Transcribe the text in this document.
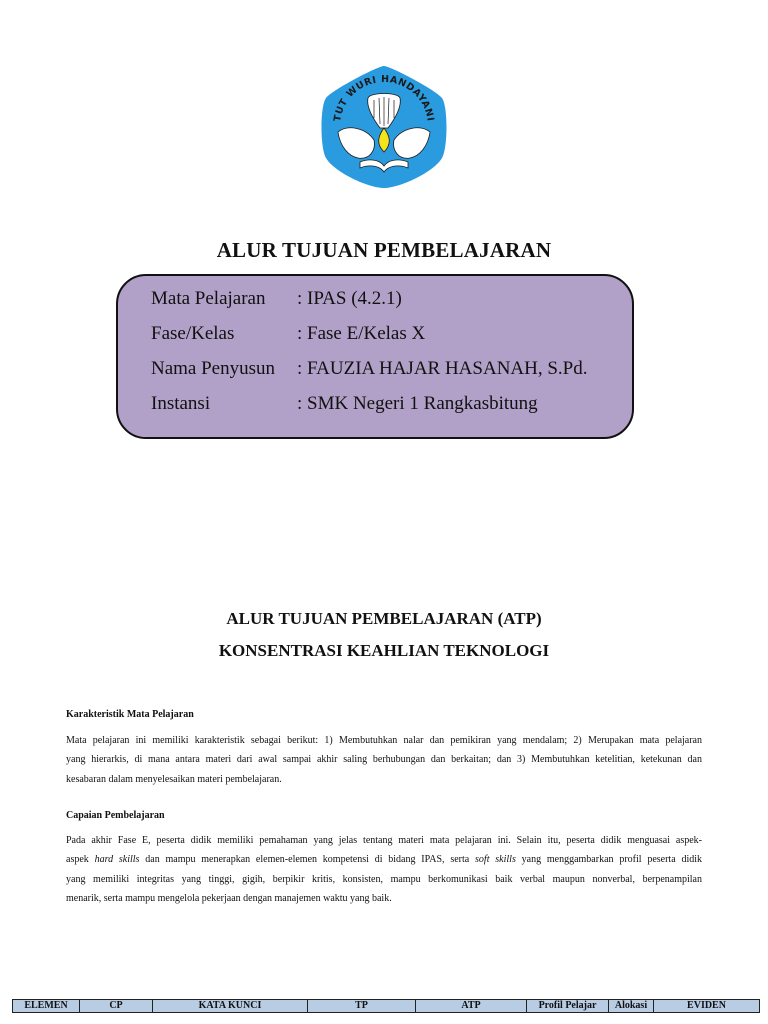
TUT WURI HANDAYANI
ALUR TUJUAN PEMBELAJARAN
Mata Pelajaran : IPAS (4.2.1)
Fase/Kelas	: Fase E/Kelas X
Nama Penyusun : FAUZIA HAJAR HASANAH, S.Pd.
Instansi	: SMK Negeri 1 Rangkasbitung
ALUR TUJUAN PEMBELAJARAN (ATP)
KONSENTRASI KEAHLIAN TEKNOLOGI
Karakteristik Mata Pelajaran
Mata pelajaran ini memiliki karakteristik sebagai berikut: 1) Membutuhkan nalar dan pemikiran yang mendalam; 2) Merupakan mata pelajaran
yang hierarkis, di mana antara materi dari awal sampai akhir saling berhubungan dan berkaitan; dan 3) Membutuhkan ketelitian, ketekunan dan
kesabaran dalam menyelesaikan materi pembelajaran.
Capaian Pembelajaran
Pada akhir Fase E, peserta didik memiliki pemahaman yang jelas tentang materi mata pelajaran ini. Selain itu, peserta didik menguasai aspek-
aspek hard skills dan mampu menerapkan elemen-elemen kompetensi di bidang IPAS, serta soft skills yang menggambarkan profil peserta didik
yang memiliki integritas yang tinggi, gigih, berpikir kritis, konsisten, mampu berkomunikasi baik verbal maupun nonverbal, berpenampilan
menarik, serta mampu mengelola pekerjaan dengan manajemen waktu yang baik.
ELEMEN	CP	KATA KUNCI	TP	ATP	Profil Pelajar	Alokasi	EVIDEN
